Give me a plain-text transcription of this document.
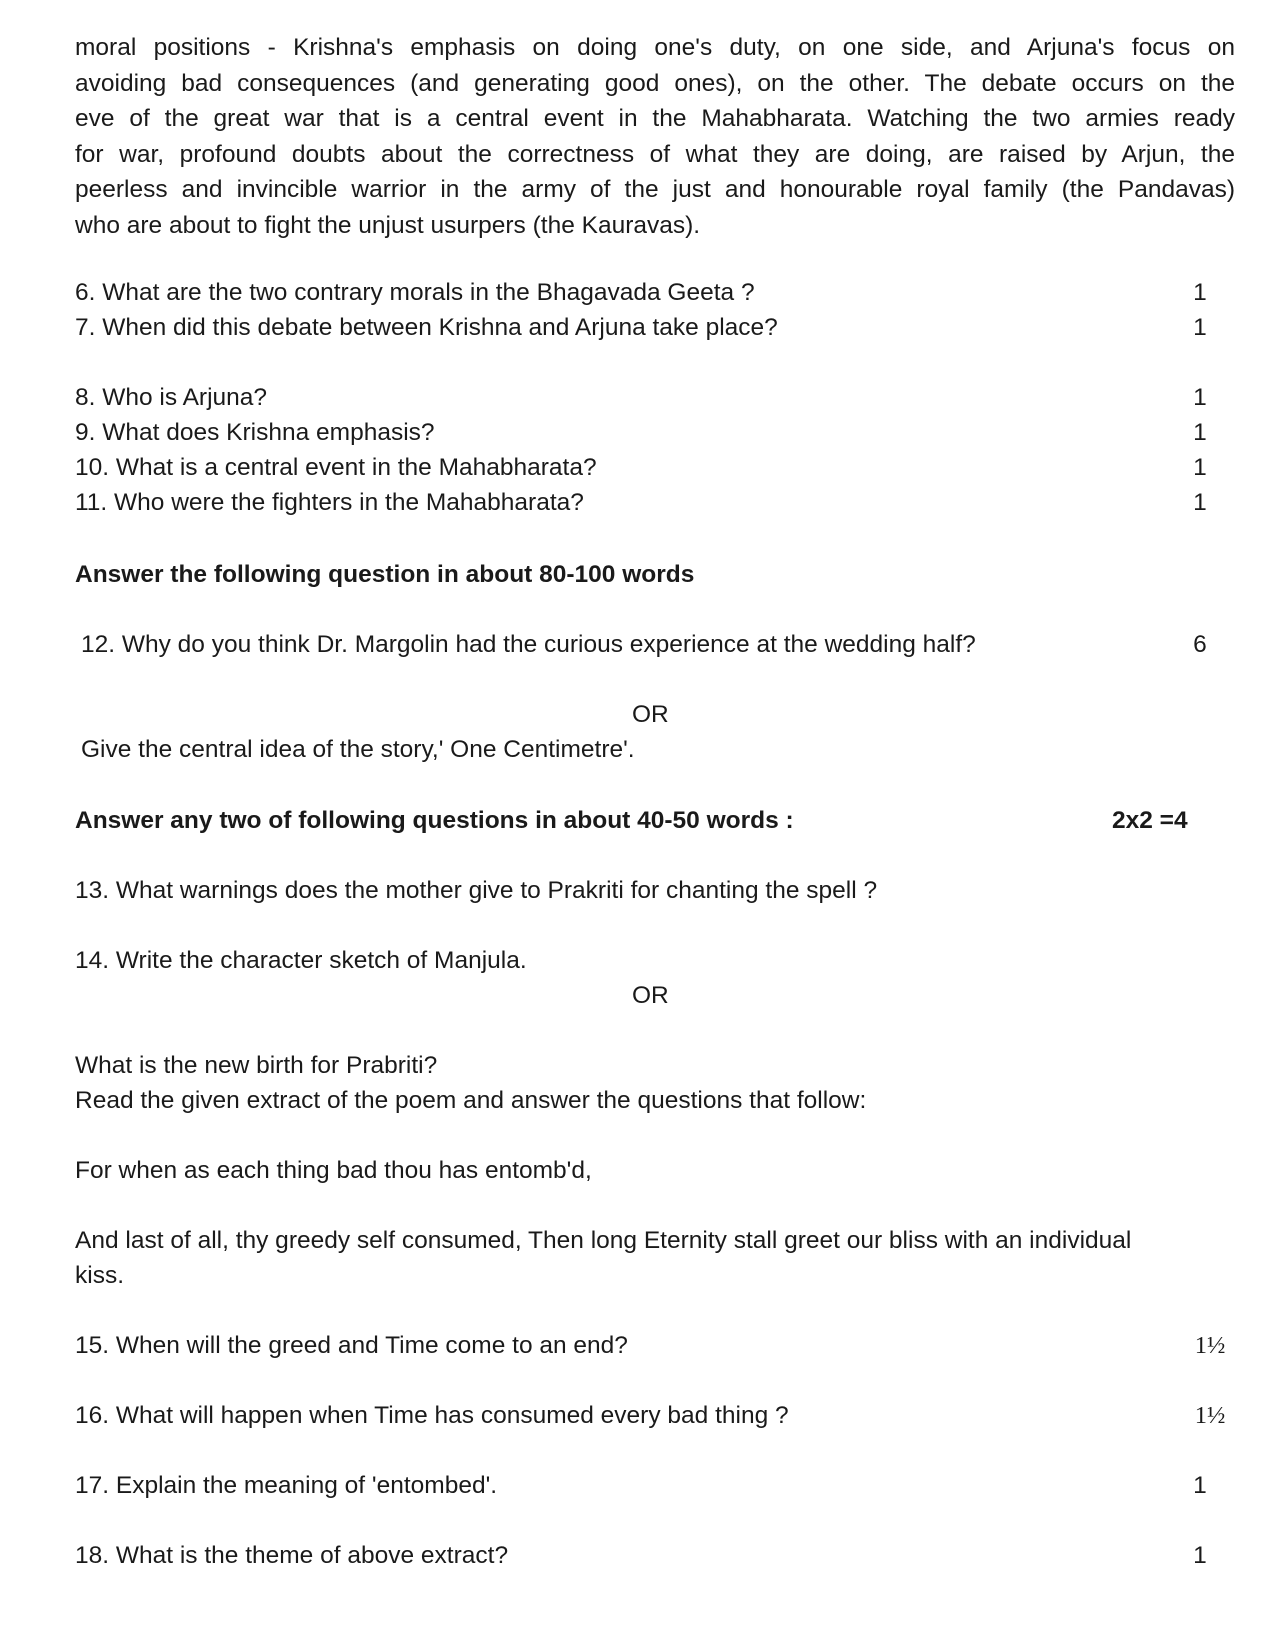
moral positions - Krishna's emphasis on doing one's duty, on one side, and Arjuna's focus on
avoiding bad consequences (and generating good ones), on the other. The debate occurs on the
eve of the great war that is a central event in the Mahabharata. Watching the two armies ready
for war, profound doubts about the correctness of what they are doing, are raised by Arjun, the
peerless and invincible warrior in the army of the just and honourable royal family (the Pandavas)
who are about to fight the unjust usurpers (the Kauravas).
6. What are the two contrary morals in the Bhagavada Geeta ?	1
7. When did this debate between Krishna and Arjuna take place?	1
8. Who is Arjuna?	1
9. What does Krishna emphasis?	1
10. What is a central event in the Mahabharata?	1
11. Who were the fighters in the Mahabharata?	1
Answer the following question in about 80-100 words
12. Why do you think Dr. Margolin had the curious experience at the wedding half?	6
OR
Give the central idea of the story,' One Centimetre'.
Answer any two of following questions in about 40-50 words :	2x2 =4
13. What warnings does the mother give to Prakriti for chanting the spell ?
14. Write the character sketch of Manjula.
OR
What is the new birth for Prabriti?
Read the given extract of the poem and answer the questions that follow:
For when as each thing bad thou has entomb'd,
And last of all, thy greedy self consumed, Then long Eternity stall greet our bliss with an individual
kiss.
15. When will the greed and Time come to an end?	1½
16. What will happen when Time has consumed every bad thing ?	1½
17. Explain the meaning of 'entombed'.	1
18. What is the theme of above extract?	1
